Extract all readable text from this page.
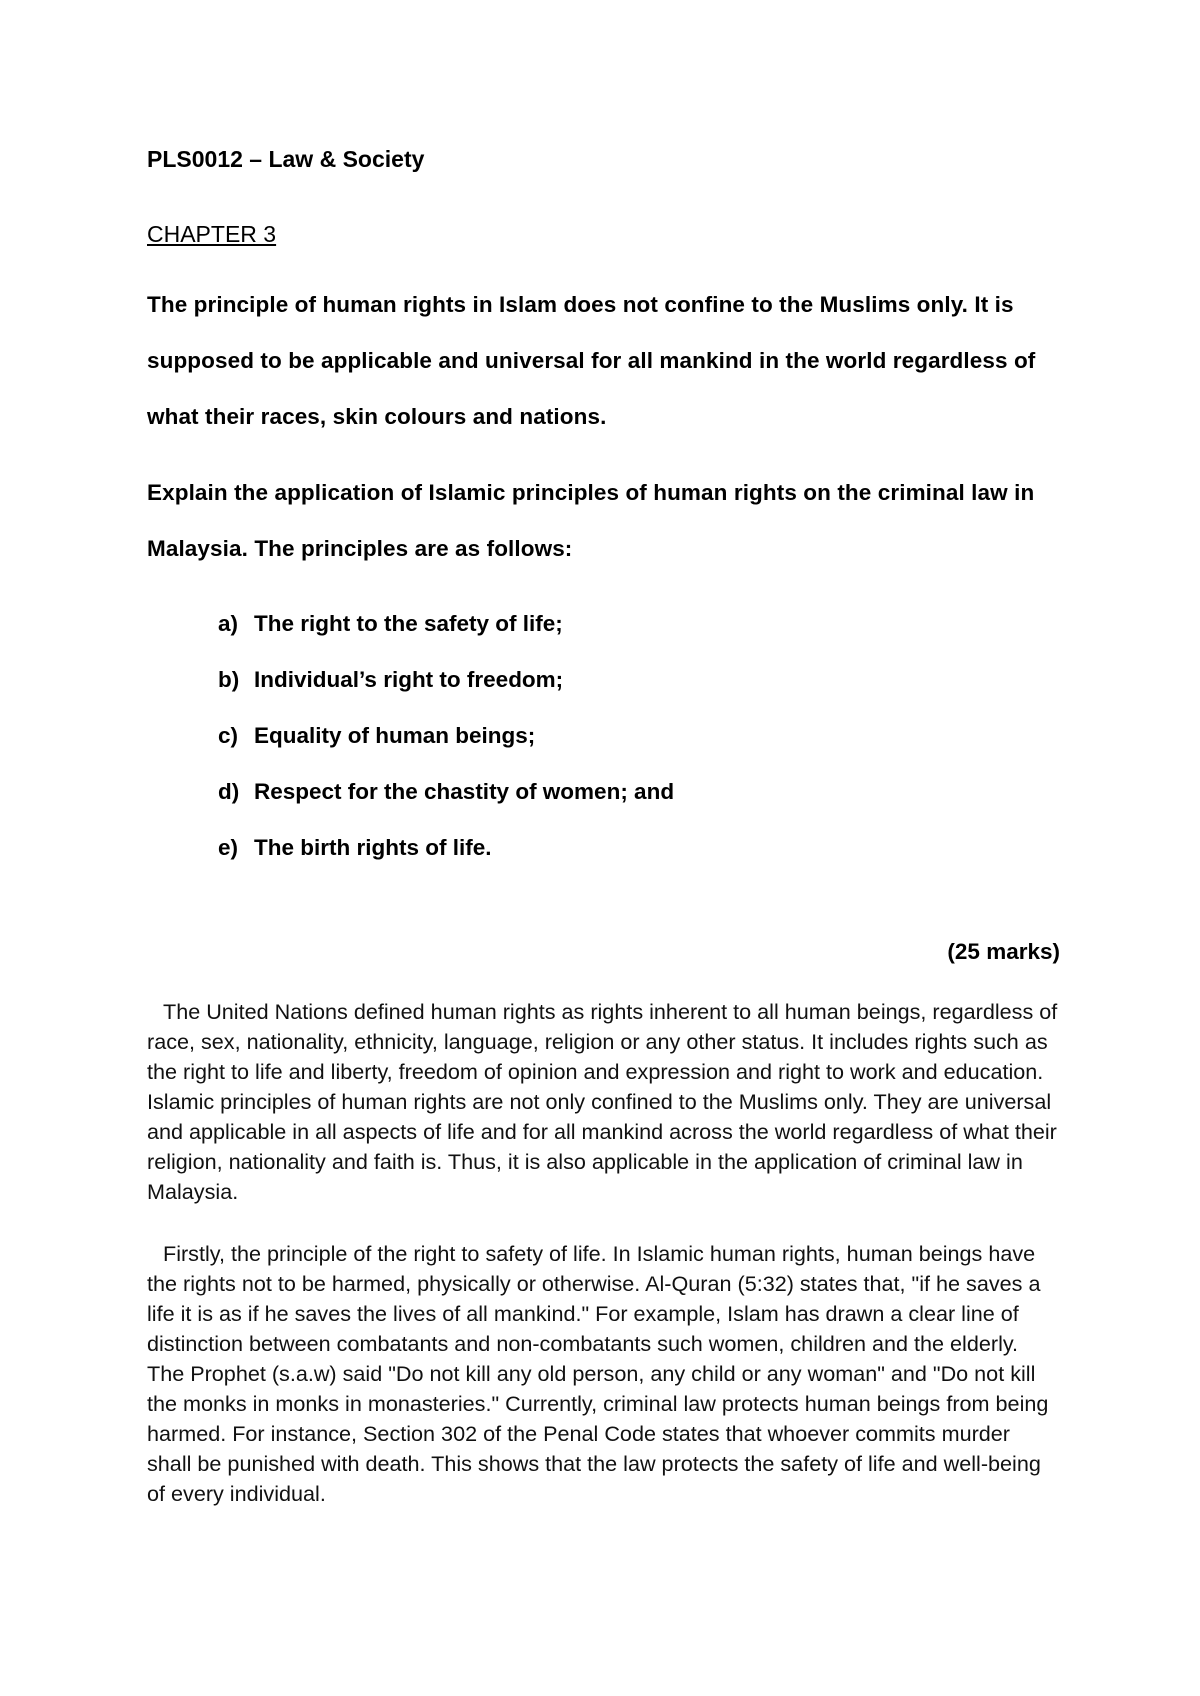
PLS0012 – Law & Society
CHAPTER 3
The principle of human rights in Islam does not confine to the Muslims only. It is supposed to be applicable and universal for all mankind in the world regardless of what their races, skin colours and nations.
Explain the application of Islamic principles of human rights on the criminal law in Malaysia. The principles are as follows:
a) The right to the safety of life;
b) Individual’s right to freedom;
c) Equality of human beings;
d) Respect for the chastity of women; and
e) The birth rights of life.
(25 marks)

The United Nations defined human rights as rights inherent to all human beings, regardless of race, sex, nationality, ethnicity, language, religion or any other status. It includes rights such as the right to life and liberty, freedom of opinion and expression and right to work and education. Islamic principles of human rights are not only confined to the Muslims only. They are universal and applicable in all aspects of life and for all mankind across the world regardless of what their religion, nationality and faith is. Thus, it is also applicable in the application of criminal law in Malaysia.

Firstly, the principle of the right to safety of life. In Islamic human rights, human beings have the rights not to be harmed, physically or otherwise. Al-Quran (5:32) states that, "if he saves a life it is as if he saves the lives of all mankind." For example, Islam has drawn a clear line of distinction between combatants and non-combatants such women, children and the elderly. The Prophet (s.a.w) said "Do not kill any old person, any child or any woman" and "Do not kill the monks in monks in monasteries." Currently, criminal law protects human beings from being harmed. For instance, Section 302 of the Penal Code states that whoever commits murder shall be punished with death. This shows that the law protects the safety of life and well-being of every individual.
